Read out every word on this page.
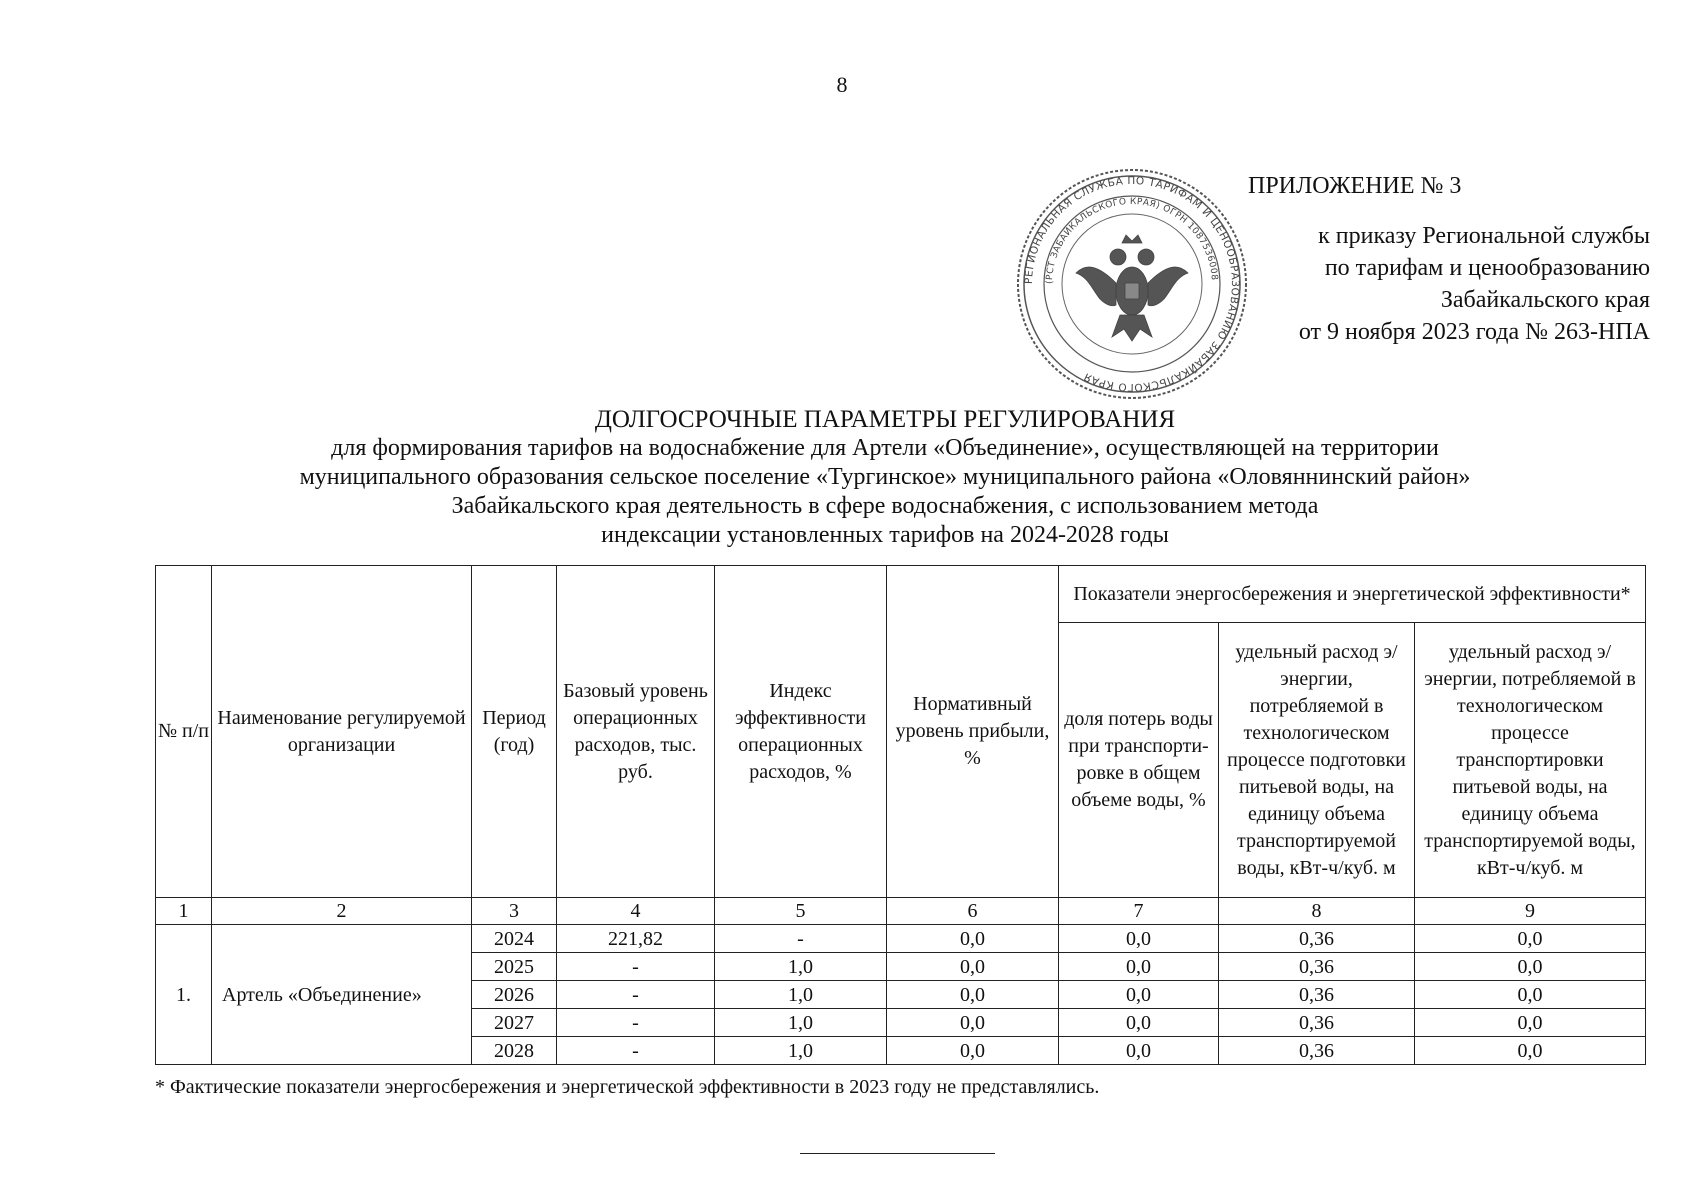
8
РЕГИОНАЛЬНАЯ СЛУЖБА ПО ТАРИФАМ И ЦЕНООБРАЗОВАНИЮ ЗАБАЙКАЛЬСКОГО КРАЯ
(РСТ ЗАБАЙКАЛЬСКОГО КРАЯ) ОГРН 1087536008
ПРИЛОЖЕНИЕ № 3
к приказу Региональной службы
по тарифам и ценообразованию
Забайкальского края
от 9 ноября 2023 года № 263-НПА
ДОЛГОСРОЧНЫЕ ПАРАМЕТРЫ РЕГУЛИРОВАНИЯ
для формирования тарифов на водоснабжение для Артели «Объединение», осуществляющей на территории
муниципального образования сельское поселение «Тургинское» муниципального района «Оловяннинский район»
Забайкальского края деятельность в сфере водоснабжения, с использованием метода
индексации установленных тарифов на 2024-2028 годы
№ п/п	Наименование регулируемой организации	Период (год)	Базовый уровень операционных расходов, тыс. руб.	Индекс эффективности операционных расходов, %	Нормативный уровень прибыли, %	Показатели энергосбережения и энергетической эффективности*		
						доля потерь воды при транспорти-ровке в общем объеме воды, %	удельный расход э/энергии, потребляемой в технологическом процессе подготовки питьевой воды, на единицу объема транспортируемой воды, кВт-ч/куб. м	удельный расход э/энергии, потребляемой в технологическом процессе транспортировки питьевой воды, на единицу объема транспортируемой воды, кВт-ч/куб. м
1	2	3	4	5	6	7	8	9
1.	Артель «Объединение»	2024	221,82	-	0,0	0,0	0,36	0,0
		2025	-	1,0	0,0	0,0	0,36	0,0
		2026	-	1,0	0,0	0,0	0,36	0,0
		2027	-	1,0	0,0	0,0	0,36	0,0
		2028	-	1,0	0,0	0,0	0,36	0,0
* Фактические показатели энергосбережения и энергетической эффективности в 2023 году не представлялись.
